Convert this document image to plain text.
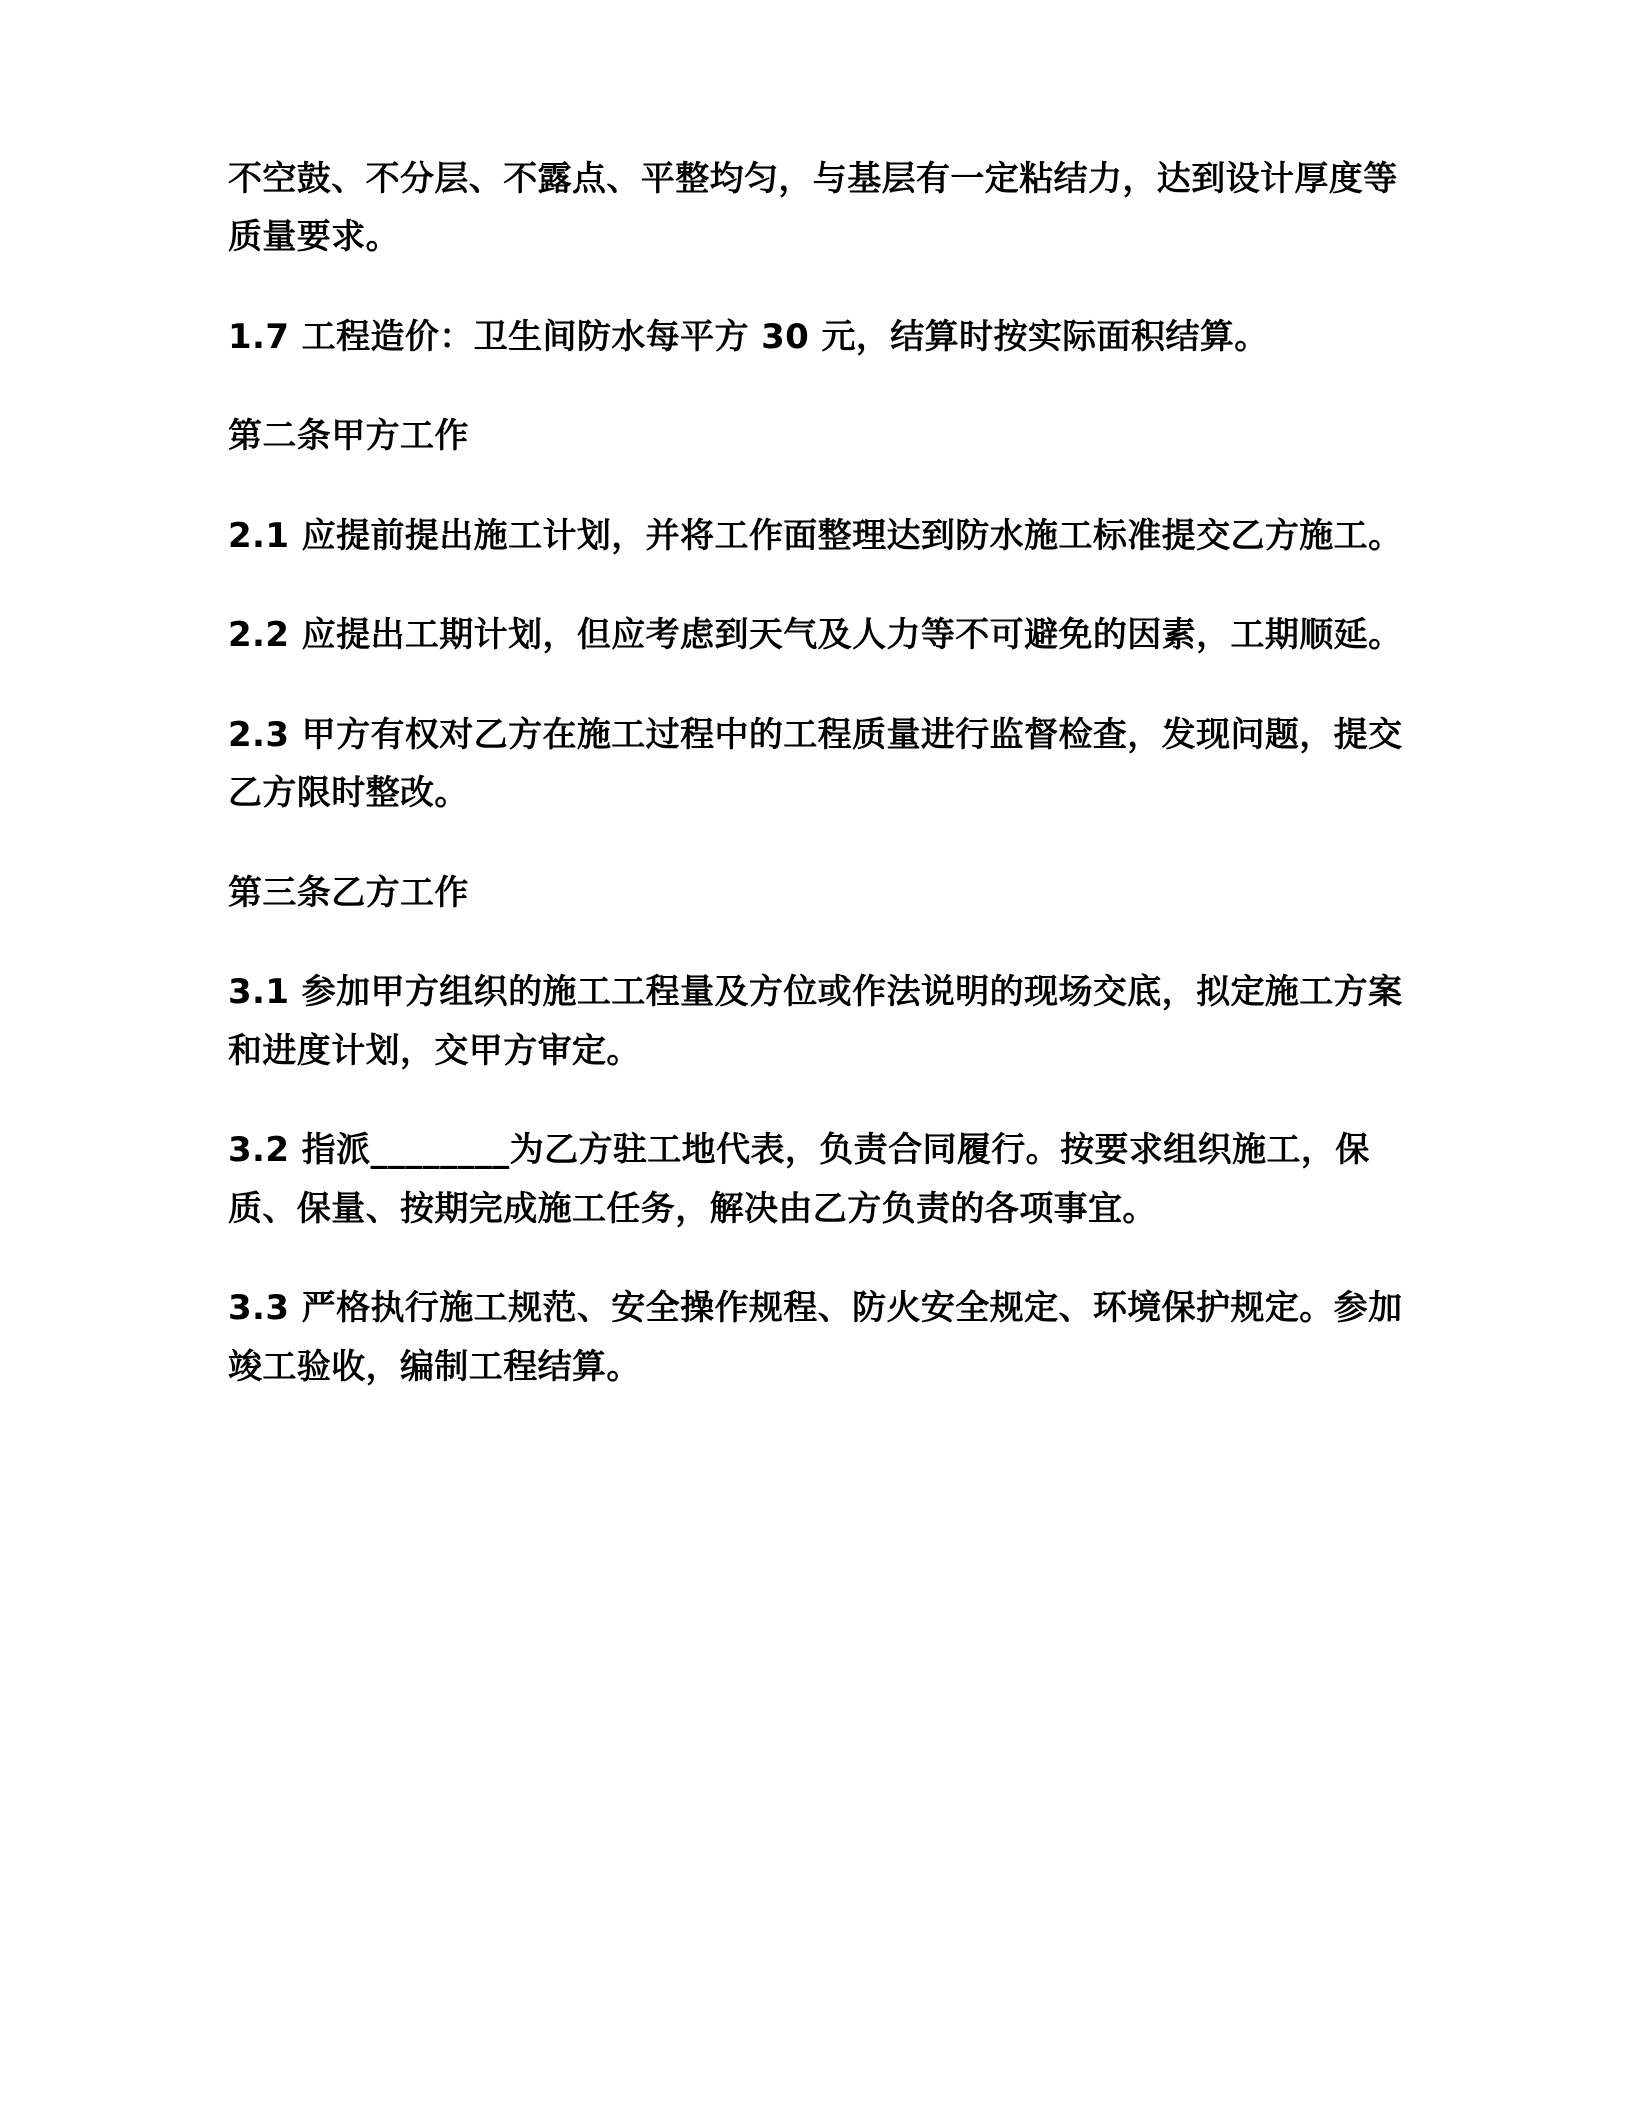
不空鼓、不分层、不露点、平整均匀，与基层有一定粘结力，达到设计厚度等质量要求。

1.7 工程造价：卫生间防水每平方 30 元，结算时按实际面积结算。

第二条甲方工作

2.1 应提前提出施工计划，并将工作面整理达到防水施工标准提交乙方施工。

2.2 应提出工期计划，但应考虑到天气及人力等不可避免的因素，工期顺延。

2.3 甲方有权对乙方在施工过程中的工程质量进行监督检查，发现问题，提交乙方限时整改。

第三条乙方工作

3.1 参加甲方组织的施工工程量及方位或作法说明的现场交底，拟定施工方案和进度计划，交甲方审定。

3.2 指派________为乙方驻工地代表，负责合同履行。按要求组织施工，保质、保量、按期完成施工任务，解决由乙方负责的各项事宜。

3.3 严格执行施工规范、安全操作规程、防火安全规定、环境保护规定。参加竣工验收，编制工程结算。
